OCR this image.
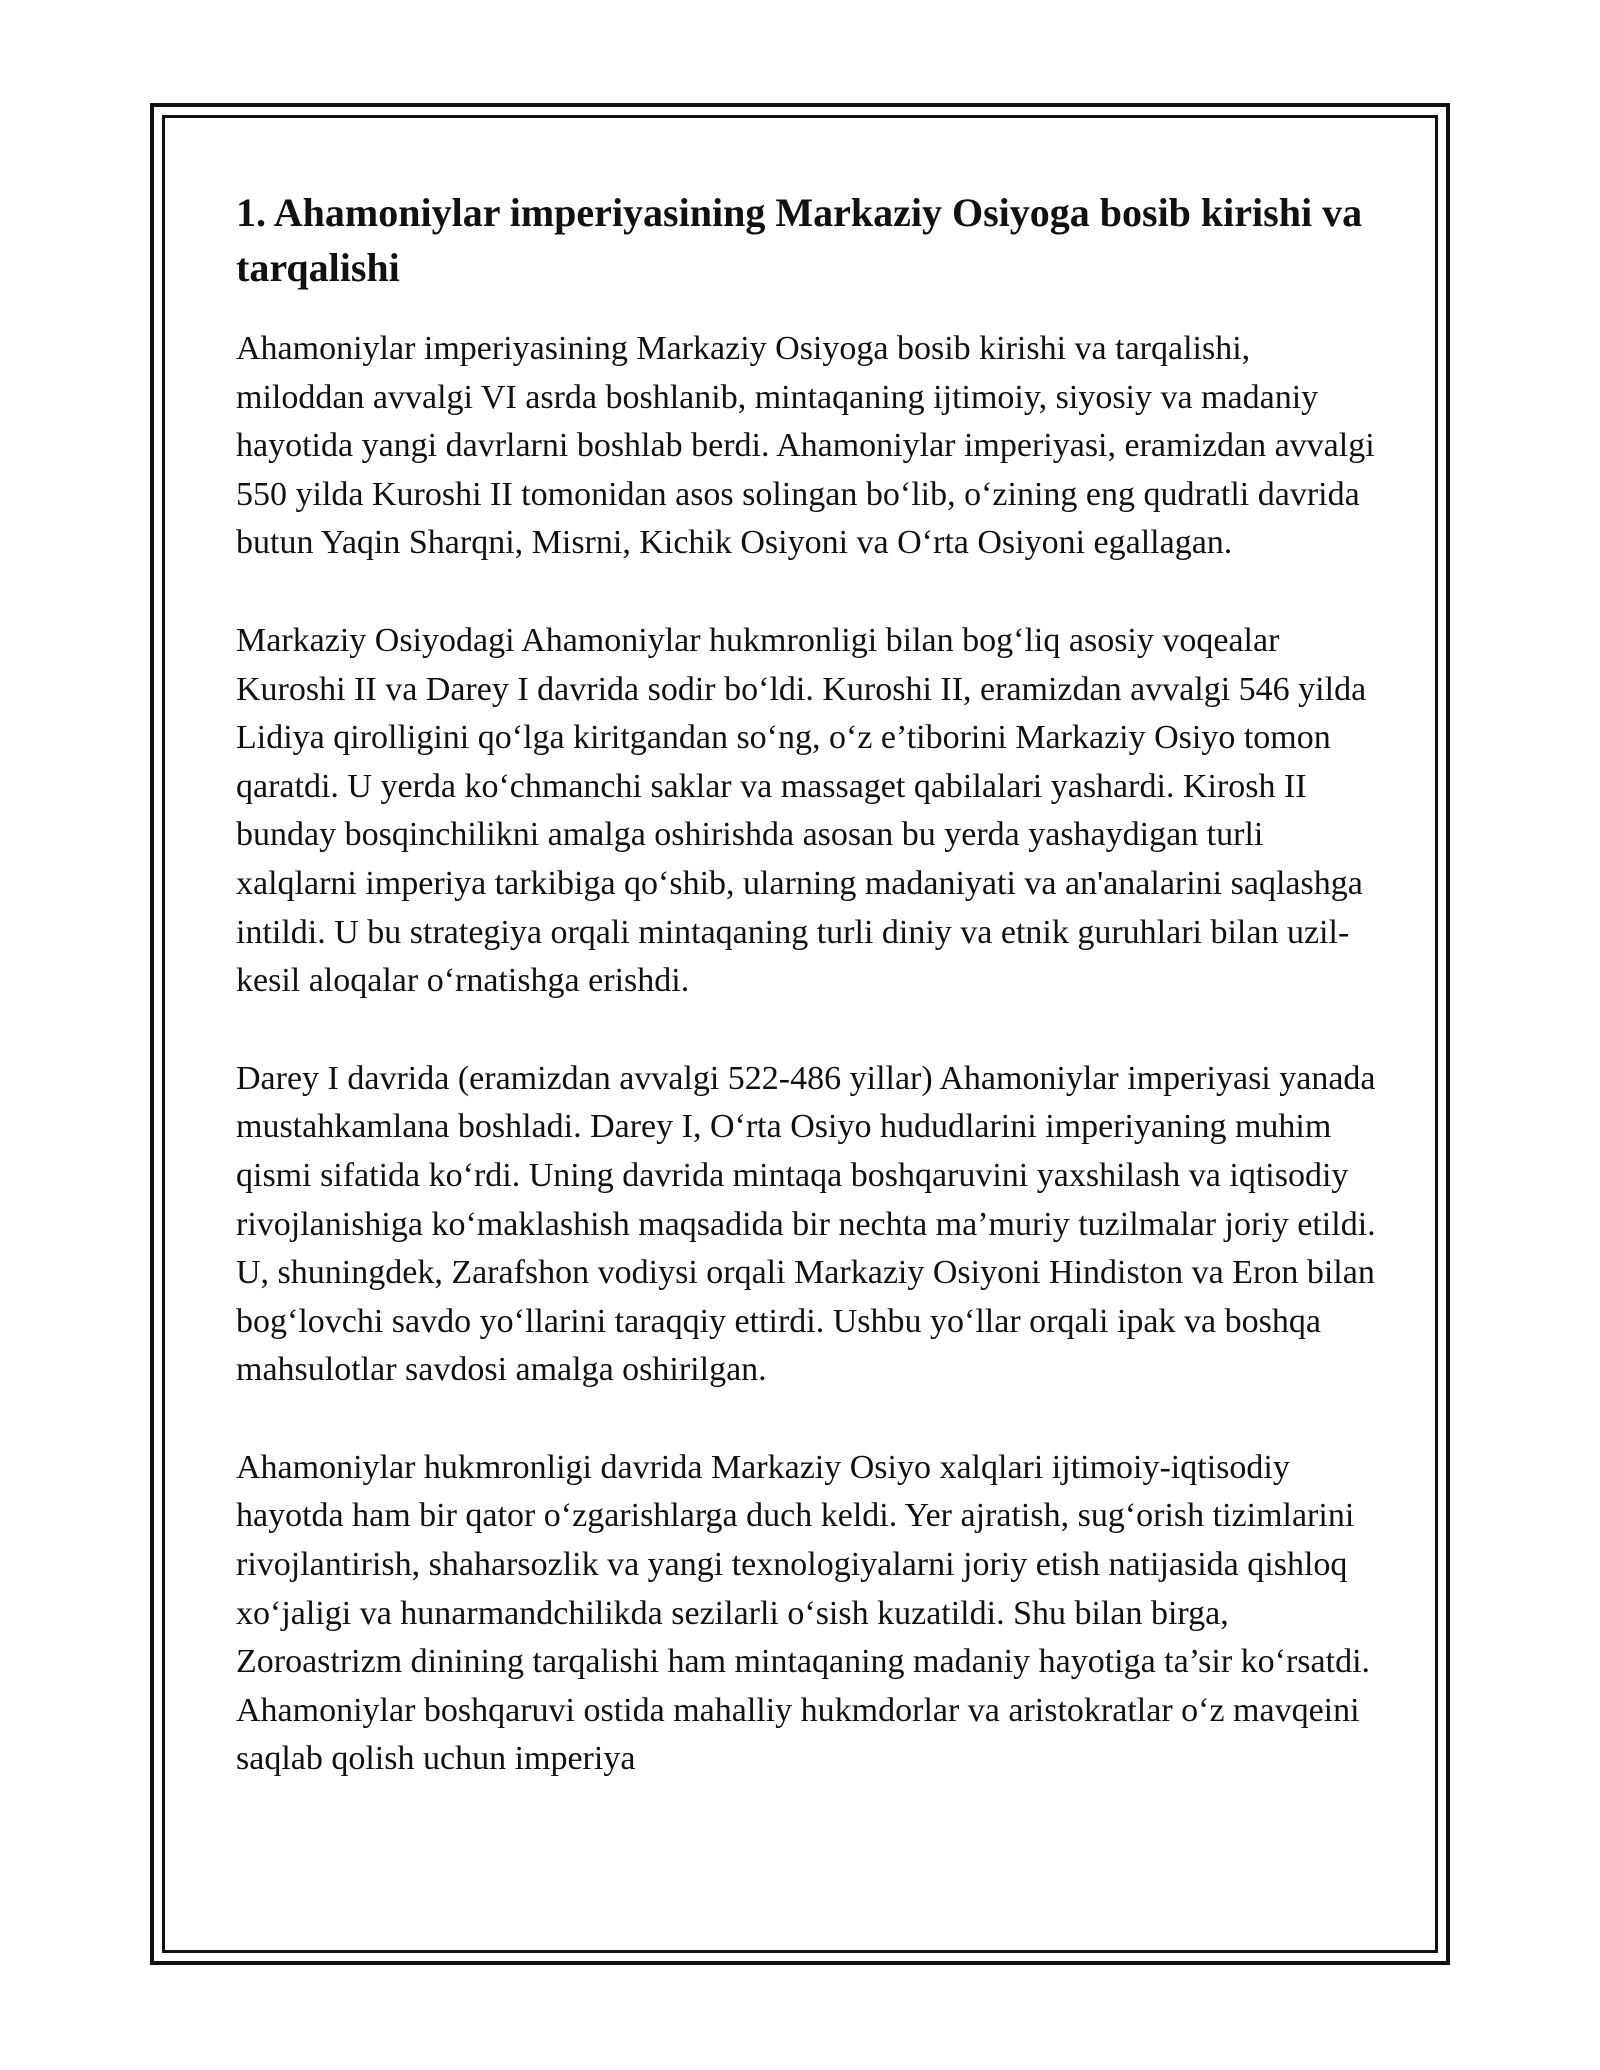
1. Ahamoniylar imperiyasining Markaziy Osiyoga bosib kirishi va tarqalishi

Ahamoniylar imperiyasining Markaziy Osiyoga bosib kirishi va tarqalishi, miloddan avvalgi VI asrda boshlanib, mintaqaning ijtimoiy, siyosiy va madaniy hayotida yangi davrlarni boshlab berdi. Ahamoniylar imperiyasi, eramizdan avvalgi 550 yilda Kuroshi II tomonidan asos solingan bo‘lib, o‘zining eng qudratli davrida butun Yaqin Sharqni, Misrni, Kichik Osiyoni va O‘rta Osiyoni egallagan.

Markaziy Osiyodagi Ahamoniylar hukmronligi bilan bog‘liq asosiy voqealar Kuroshi II va Darey I davrida sodir bo‘ldi. Kuroshi II, eramizdan avvalgi 546 yilda Lidiya qirolligini qo‘lga kiritgandan so‘ng, o‘z e’tiborini Markaziy Osiyo tomon qaratdi. U yerda ko‘chmanchi saklar va massaget qabilalari yashardi. Kirosh II bunday bosqinchilikni amalga oshirishda asosan bu yerda yashaydigan turli xalqlarni imperiya tarkibiga qo‘shib, ularning madaniyati va an'analarini saqlashga intildi. U bu strategiya orqali mintaqaning turli diniy va etnik guruhlari bilan uzil-kesil aloqalar o‘rnatishga erishdi.

Darey I davrida (eramizdan avvalgi 522-486 yillar) Ahamoniylar imperiyasi yanada mustahkamlana boshladi. Darey I, O‘rta Osiyo hududlarini imperiyaning muhim qismi sifatida ko‘rdi. Uning davrida mintaqa boshqaruvini yaxshilash va iqtisodiy rivojlanishiga ko‘maklashish maqsadida bir nechta ma’muriy tuzilmalar joriy etildi. U, shuningdek, Zarafshon vodiysi orqali Markaziy Osiyoni Hindiston va Eron bilan bog‘lovchi savdo yo‘llarini taraqqiy ettirdi. Ushbu yo‘llar orqali ipak va boshqa mahsulotlar savdosi amalga oshirilgan.

Ahamoniylar hukmronligi davrida Markaziy Osiyo xalqlari ijtimoiy-iqtisodiy hayotda ham bir qator o‘zgarishlarga duch keldi. Yer ajratish, sug‘orish tizimlarini rivojlantirish, shaharsozlik va yangi texnologiyalarni joriy etish natijasida qishloq xo‘jaligi va hunarmandchilikda sezilarli o‘sish kuzatildi. Shu bilan birga, Zoroastrizm dinining tarqalishi ham mintaqaning madaniy hayotiga ta’sir ko‘rsatdi. Ahamoniylar boshqaruvi ostida mahalliy hukmdorlar va aristokratlar o‘z mavqeini saqlab qolish uchun imperiya
